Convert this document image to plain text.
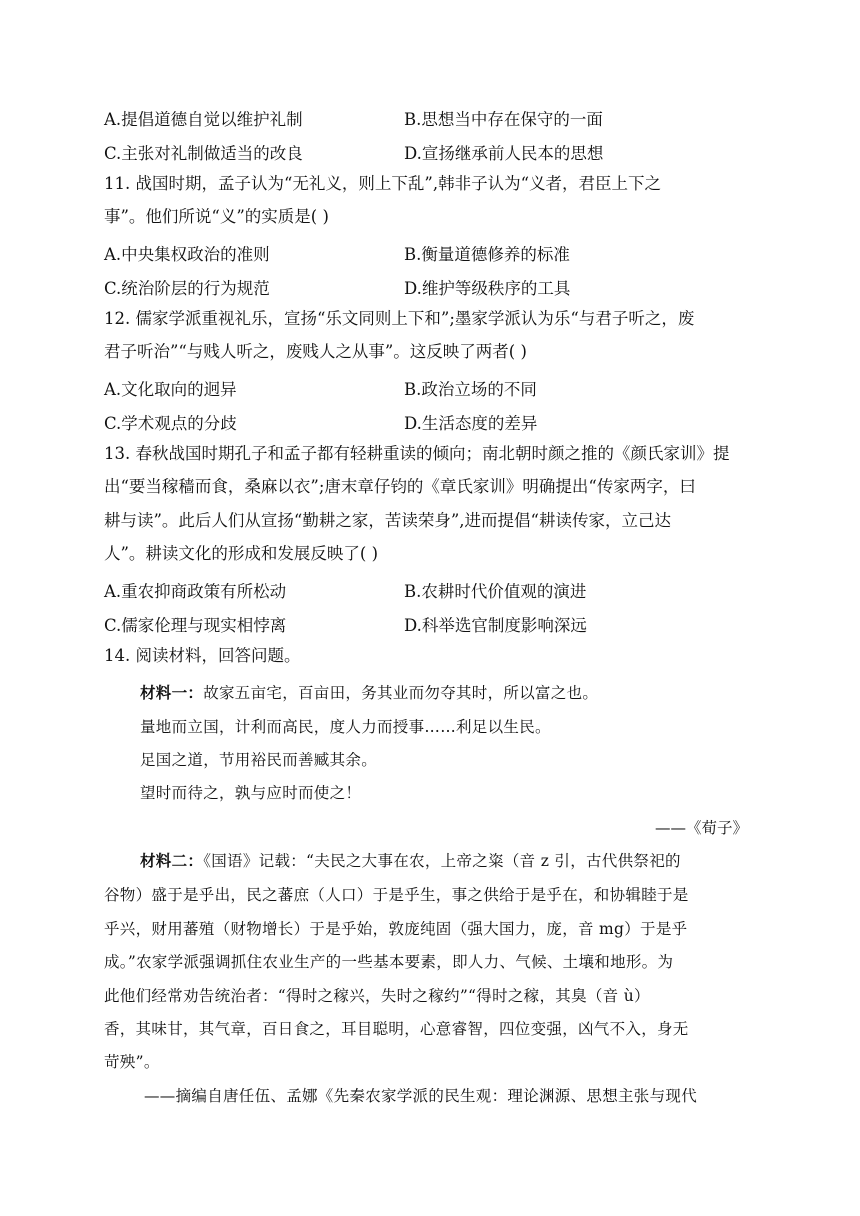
A.提倡道德自觉以维护礼制	B.思想当中存在保守的一面
C.主张对礼制做适当的改良	D.宣扬继承前人民本的思想
11. 战国时期，孟子认为“无礼义，则上下乱”,韩非子认为“义者，君臣上下之
事”。他们所说“义”的实质是( )
A.中央集权政治的准则	B.衡量道德修养的标准
C.统治阶层的行为规范	D.维护等级秩序的工具
12. 儒家学派重视礼乐，宣扬“乐文同则上下和”;墨家学派认为乐“与君子听之，废
君子听治”“与贱人听之，废贱人之从事”。这反映了两者( )
A.文化取向的迥异	B.政治立场的不同
C.学术观点的分歧	D.生活态度的差异
13. 春秋战国时期孔子和孟子都有轻耕重读的倾向；南北朝时颜之推的《颜氏家训》提
出“要当稼穑而食，桑麻以衣”;唐末章仔钧的《章氏家训》明确提出“传家两字，曰
耕与读”。此后人们从宣扬“勤耕之家，苦读荣身”,进而提倡“耕读传家，立己达
人”。耕读文化的形成和发展反映了( )
A.重农抑商政策有所松动	B.农耕时代价值观的演进
C.儒家伦理与现实相悖离	D.科举选官制度影响深远
14. 阅读材料，回答问题。
材料一：故家五亩宅，百亩田，务其业而勿夺其时，所以富之也。
量地而立国，计利而高民，度人力而授事……利足以生民。
足国之道，节用裕民而善臧其余。
望时而待之，孰与应时而使之！
——《荀子》
材料二：《国语》记载：“夫民之大事在农，上帝之粢（音 z 引，古代供祭祀的
谷物）盛于是乎出，民之蕃庶（人口）于是乎生，事之供给于是乎在，和协辑睦于是
乎兴，财用蕃殖（财物增长）于是乎始，敦庞纯固（强大国力，庞，音 mg）于是乎
成。”农家学派强调抓住农业生产的一些基本要素，即人力、气候、土壤和地形。为
此他们经常劝告统治者：“得时之稼兴，失时之稼约”“得时之稼，其臭（音 ù）
香，其味甘，其气章，百日食之，耳目聪明，心意睿智，四位变强，凶气不入，身无
苛殃”。
——摘编自唐任伍、孟娜《先秦农家学派的民生观：理论渊源、思想主张与现代
